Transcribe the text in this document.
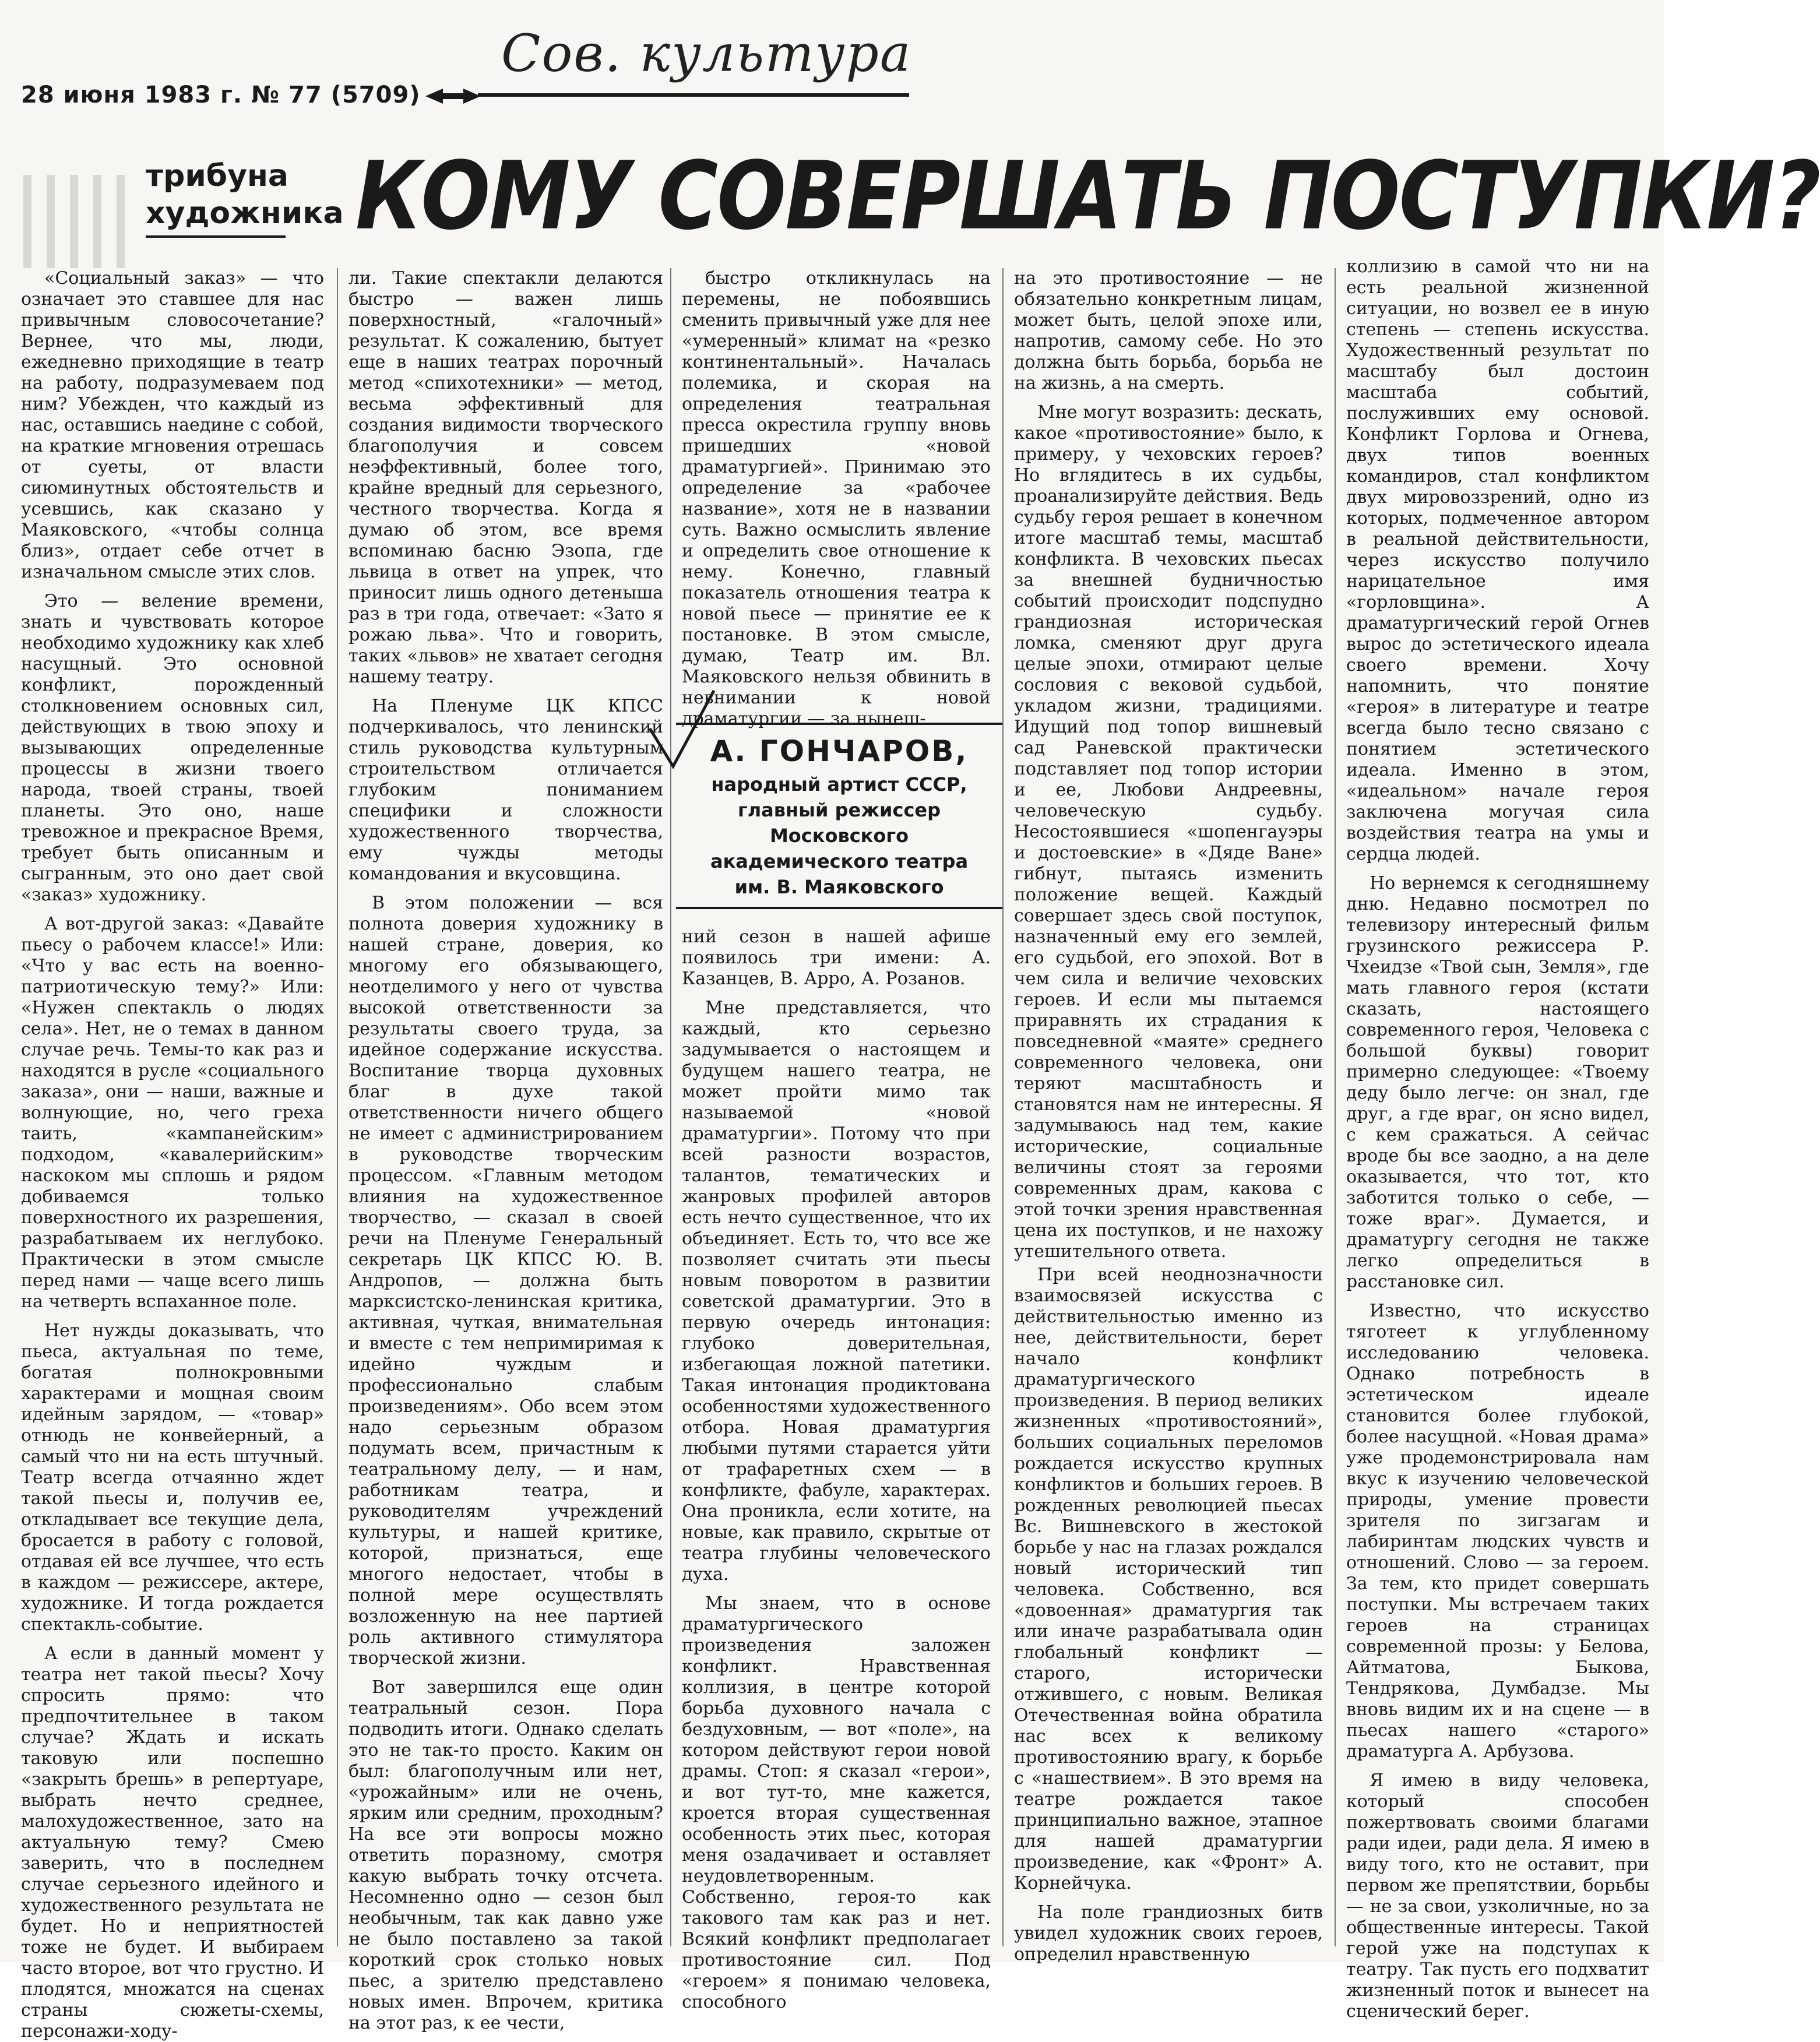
28 июня 1983 г. № 77 (5709)
Сов. культура
трибуна
художника КОМУ СОВЕРШАТЬ ПОСТУПКИ?

«Социальный заказ» — что означает это ставшее для нас привычным словосочетание? Вернее, что мы, люди, ежедневно приходящие в театр на работу, подразумеваем под ним? Убежден, что каждый из нас, оставшись наедине с собой, на краткие мгновения отрешась от суеты, от власти сиюминутных обстоятельств и усевшись, как сказано у Маяковского, «чтобы солнца близ», отдает себе отчет в изначальном смысле этих слов.

Это — веление времени, знать и чувствовать которое необходимо художнику как хлеб насущный. Это основной конфликт, порожденный столкновением основных сил, действующих в твою эпоху и вызывающих определенные процессы в жизни твоего народа, твоей страны, твоей планеты. Это оно, наше тревожное и прекрасное Время, требует быть описанным и сыгранным, это оно дает свой «заказ» художнику.

А вот-другой заказ: «Давайте пьесу о рабочем классе!» Или: «Что у вас есть на военно-патриотическую тему?» Или: «Нужен спектакль о людях села». Нет, не о темах в данном случае речь. Темы-то как раз и находятся в русле «социального заказа», они — наши, важные и волнующие, но, чего греха таить, «кампанейским» подходом, «кавалерийским» наскоком мы сплошь и рядом добиваемся только поверхностного их разрешения, разрабатываем их неглубоко. Практически в этом смысле перед нами — чаще всего лишь на четверть вспаханное поле.

Нет нужды доказывать, что пьеса, актуальная по теме, богатая полнокровными характерами и мощная своим идейным зарядом, — «товар» отнюдь не конвейерный, а самый что ни на есть штучный. Театр всегда отчаянно ждет такой пьесы и, получив ее, откладывает все текущие дела, бросается в работу с головой, отдавая ей все лучшее, что есть в каждом — режиссере, актере, художнике. И тогда рождается спектакль-событие.

А если в данный момент у театра нет такой пьесы? Хочу спросить прямо: что предпочтительнее в таком случае? Ждать и искать таковую или поспешно «закрыть брешь» в репертуаре, выбрать нечто среднее, малохудожественное, зато на актуальную тему? Смею заверить, что в последнем случае серьезного идейного и художественного результата не будет. Но и неприятностей тоже не будет. И выбираем часто второе, вот что грустно. И плодятся, множатся на сценах страны сюжеты-схемы, персонажи-ходу-

ли. Такие спектакли делаются быстро — важен лишь поверхностный, «галочный» результат. К сожалению, бытует еще в наших театрах порочный метод «спихотехники» — метод, весьма эффективный для создания видимости творческого благополучия и совсем неэффективный, более того, крайне вредный для серьезного, честного творчества. Когда я думаю об этом, все время вспоминаю басню Эзопа, где львица в ответ на упрек, что приносит лишь одного детеныша раз в три года, отвечает: «Зато я рожаю льва». Что и говорить, таких «львов» не хватает сегодня нашему театру.

На Пленуме ЦК КПСС подчеркивалось, что ленинский стиль руководства культурным строительством отличается глубоким пониманием специфики и сложности художественного творчества, ему чужды методы командования и вкусовщина.

В этом положении — вся полнота доверия художнику в нашей стране, доверия, ко многому его обязывающего, неотделимого у него от чувства высокой ответственности за результаты своего труда, за идейное содержание искусства. Воспитание творца духовных благ в духе такой ответственности ничего общего не имеет с администрированием в руководстве творческим процессом. «Главным методом влияния на художественное творчество, — сказал в своей речи на Пленуме Генеральный секретарь ЦК КПСС Ю. В. Андропов, — должна быть марксистско-ленинская критика, активная, чуткая, внимательная и вместе с тем непримиримая к идейно чуждым и профессионально слабым произведениям». Обо всем этом надо серьезным образом подумать всем, причастным к театральному делу, — и нам, работникам театра, и руководителям учреждений культуры, и нашей критике, которой, признаться, еще многого недостает, чтобы в полной мере осуществлять возложенную на нее партией роль активного стимулятора творческой жизни.

Вот завершился еще один театральный сезон. Пора подводить итоги. Однако сделать это не так-то просто. Каким он был: благополучным или нет, «урожайным» или не очень, ярким или средним, проходным? На все эти вопросы можно ответить поразному, смотря какую выбрать точку отсчета. Несомненно одно — сезон был необычным, так как давно уже не было поставлено за такой короткий срок столько новых пьес, а зрителю представлено новых имен. Впрочем, критика на этот раз, к ее чести,

быстро откликнулась на перемены, не побоявшись сменить привычный уже для нее «умеренный» климат на «резко континентальный». Началась полемика, и скорая на определения театральная пресса окрестила группу вновь пришедших «новой драматургией». Принимаю это определение за «рабочее название», хотя не в названии суть. Важно осмыслить явление и определить свое отношение к нему. Конечно, главный показатель отношения театра к новой пьесе — принятие ее к постановке. В этом смысле, думаю, Театр им. Вл. Маяковского нельзя обвинить в невнимании к новой драматургии — за нынеш-

А. ГОНЧАРОВ,
народный артист СССР,
главный режиссер
Московского
академического театра
им. В. Маяковского

ний сезон в нашей афише появилось три имени: А. Казанцев, В. Арро, А. Розанов.

Мне представляется, что каждый, кто серьезно задумывается о настоящем и будущем нашего театра, не может пройти мимо так называемой «новой драматургии». Потому что при всей разности возрастов, талантов, тематических и жанровых профилей авторов есть нечто существенное, что их объединяет. Есть то, что все же позволяет считать эти пьесы новым поворотом в развитии советской драматургии. Это в первую очередь интонация: глубоко доверительная, избегающая ложной патетики. Такая интонация продиктована особенностями художественного отбора. Новая драматургия любыми путями старается уйти от трафаретных схем — в конфликте, фабуле, характерах. Она проникла, если хотите, на новые, как правило, скрытые от театра глубины человеческого духа.

Мы знаем, что в основе драматургического произведения заложен конфликт. Нравственная коллизия, в центре которой борьба духовного начала с бездуховным, — вот «поле», на котором действуют герои новой драмы. Стоп: я сказал «герои», и вот тут-то, мне кажется, кроется вторая существенная особенность этих пьес, которая меня озадачивает и оставляет неудовлетворенным. Собственно, героя-то как такового там как раз и нет. Всякий конфликт предполагает противостояние сил. Под «героем» я понимаю человека, способного

на это противостояние — не обязательно конкретным лицам, может быть, целой эпохе или, напротив, самому себе. Но это должна быть борьба, борьба не на жизнь, а на смерть.

Мне могут возразить: дескать, какое «противостояние» было, к примеру, у чеховских героев? Но вглядитесь в их судьбы, проанализируйте действия. Ведь судьбу героя решает в конечном итоге масштаб темы, масштаб конфликта. В чеховских пьесах за внешней будничностью событий происходит подспудно грандиозная историческая ломка, сменяют друг друга целые эпохи, отмирают целые сословия с вековой судьбой, укладом жизни, традициями. Идущий под топор вишневый сад Раневской практически подставляет под топор истории и ее, Любови Андреевны, человеческую судьбу. Несостоявшиеся «шопенгауэры и достоевские» в «Дяде Ване» гибнут, пытаясь изменить положение вещей. Каждый совершает здесь свой поступок, назначенный ему его землей, его судьбой, его эпохой. Вот в чем сила и величие чеховских героев. И если мы пытаемся приравнять их страдания к повседневной «маяте» среднего современного человека, они теряют масштабность и становятся нам не интересны. Я задумываюсь над тем, какие исторические, социальные величины стоят за героями современных драм, какова с этой точки зрения нравственная цена их поступков, и не нахожу утешительного ответа.

При всей неоднозначности взаимосвязей искусства с действительностью именно из нее, действительности, берет начало конфликт драматургического произведения. В период великих жизненных «противостояний», больших социальных переломов рождается искусство крупных конфликтов и больших героев. В рожденных революцией пьесах Вс. Вишневского в жестокой борьбе у нас на глазах рождался новый исторический тип человека. Собственно, вся «довоенная» драматургия так или иначе разрабатывала один глобальный конфликт — старого, исторически отжившего, с новым. Великая Отечественная война обратила нас всех к великому противостоянию врагу, к борьбе с «нашествием». В это время на театре рождается такое принципиально важное, этапное для нашей драматургии произведение, как «Фронт» А. Корнейчука.

На поле грандиозных битв увидел художник своих героев, определил нравственную

коллизию в самой что ни на есть реальной жизненной ситуации, но возвел ее в иную степень — степень искусства. Художественный результат по масштабу был достоин масштаба событий, послуживших ему основой. Конфликт Горлова и Огнева, двух типов военных командиров, стал конфликтом двух мировоззрений, одно из которых, подмеченное автором в реальной действительности, через искусство получило нарицательное имя «горловщина». А драматургический герой Огнев вырос до эстетического идеала своего времени. Хочу напомнить, что понятие «героя» в литературе и театре всегда было тесно связано с понятием эстетического идеала. Именно в этом, «идеальном» начале героя заключена могучая сила воздействия театра на умы и сердца людей.

Но вернемся к сегодняшнему дню. Недавно посмотрел по телевизору интересный фильм грузинского режиссера Р. Чхеидзе «Твой сын, Земля», где мать главного героя (кстати сказать, настоящего современного героя, Человека с большой буквы) говорит примерно следующее: «Твоему деду было легче: он знал, где друг, а где враг, он ясно видел, с кем сражаться. А сейчас вроде бы все заодно, а на деле оказывается, что тот, кто заботится только о себе, — тоже враг». Думается, и драматургу сегодня не также легко определиться в расстановке сил.

Известно, что искусство тяготеет к углубленному исследованию человека. Однако потребность в эстетическом идеале становится более глубокой, более насущной. «Новая драма» уже продемонстрировала нам вкус к изучению человеческой природы, умение провести зрителя по зигзагам и лабиринтам людских чувств и отношений. Слово — за героем. За тем, кто придет совершать поступки. Мы встречаем таких героев на страницах современной прозы: у Белова, Айтматова, Быкова, Тендрякова, Думбадзе. Мы вновь видим их и на сцене — в пьесах нашего «старого» драматурга А. Арбузова.

Я имею в виду человека, который способен пожертвовать своими благами ради идеи, ради дела. Я имею в виду того, кто не оставит, при первом же препятствии, борьбы — не за свои, узколичные, но за общественные интересы. Такой герой уже на подступах к театру. Так пусть его подхватит жизненный поток и вынесет на сценический берег.
